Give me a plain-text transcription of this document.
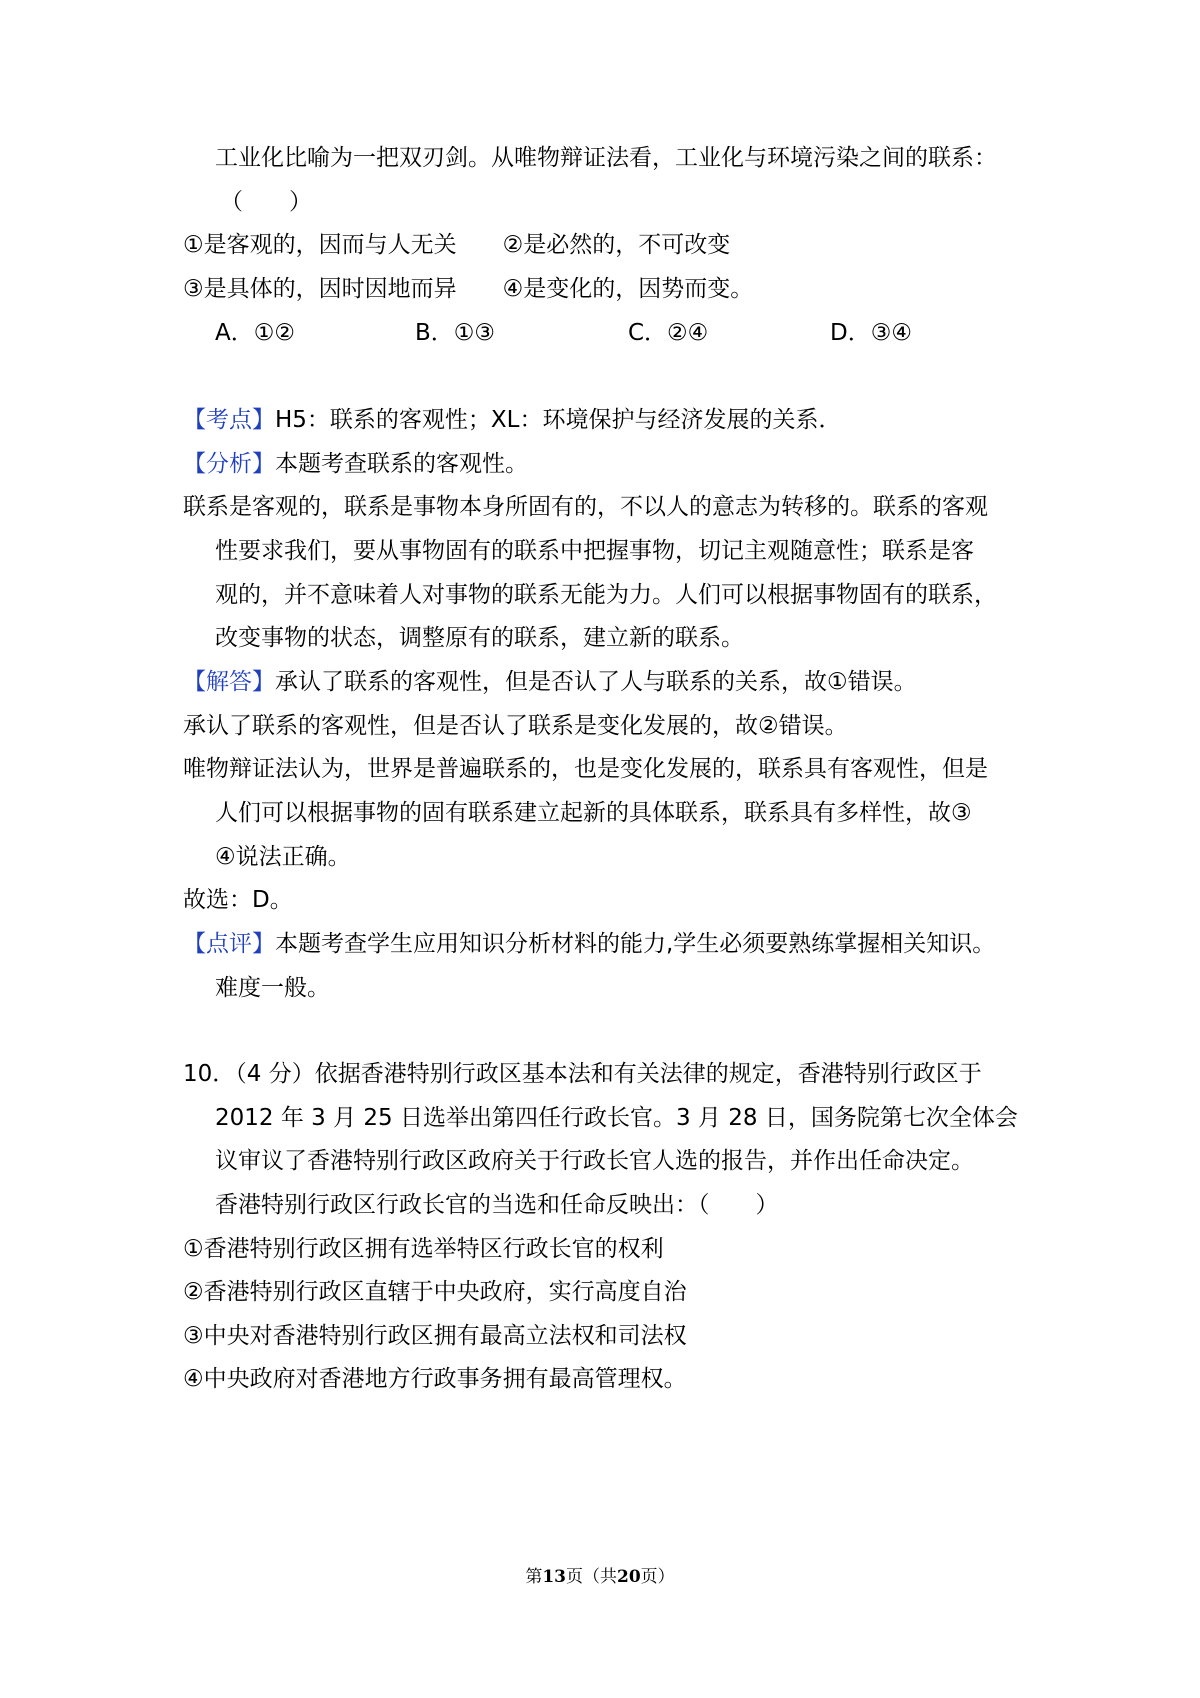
工业化比喻为一把双刃剑。从唯物辩证法看，工业化与环境污染之间的联系：
（　　）
①是客观的，因而与人无关　　②是必然的，不可改变
③是具体的，因时因地而异　　④是变化的，因势而变。
A．①②	B．①③	C．②④	D．③④
【考点】H5：联系的客观性；XL：环境保护与经济发展的关系．
【分析】本题考查联系的客观性。
联系是客观的，联系是事物本身所固有的，不以人的意志为转移的。联系的客观
性要求我们，要从事物固有的联系中把握事物，切记主观随意性；联系是客
观的，并不意味着人对事物的联系无能为力。人们可以根据事物固有的联系，
改变事物的状态，调整原有的联系，建立新的联系。
【解答】承认了联系的客观性，但是否认了人与联系的关系，故①错误。
承认了联系的客观性，但是否认了联系是变化发展的，故②错误。
唯物辩证法认为，世界是普遍联系的，也是变化发展的，联系具有客观性，但是
人们可以根据事物的固有联系建立起新的具体联系，联系具有多样性，故③
④说法正确。
故选：D。
【点评】本题考查学生应用知识分析材料的能力,学生必须要熟练掌握相关知识。
难度一般。
10．（4 分）依据香港特别行政区基本法和有关法律的规定，香港特别行政区于
2012 年 3 月 25 日选举出第四任行政长官。3 月 28 日，国务院第七次全体会
议审议了香港特别行政区政府关于行政长官人选的报告，并作出任命决定。
香港特别行政区行政长官的当选和任命反映出：（　　）
①香港特别行政区拥有选举特区行政长官的权利
②香港特别行政区直辖于中央政府，实行高度自治
③中央对香港特别行政区拥有最高立法权和司法权
④中央政府对香港地方行政事务拥有最高管理权。
第13页（共20页）
